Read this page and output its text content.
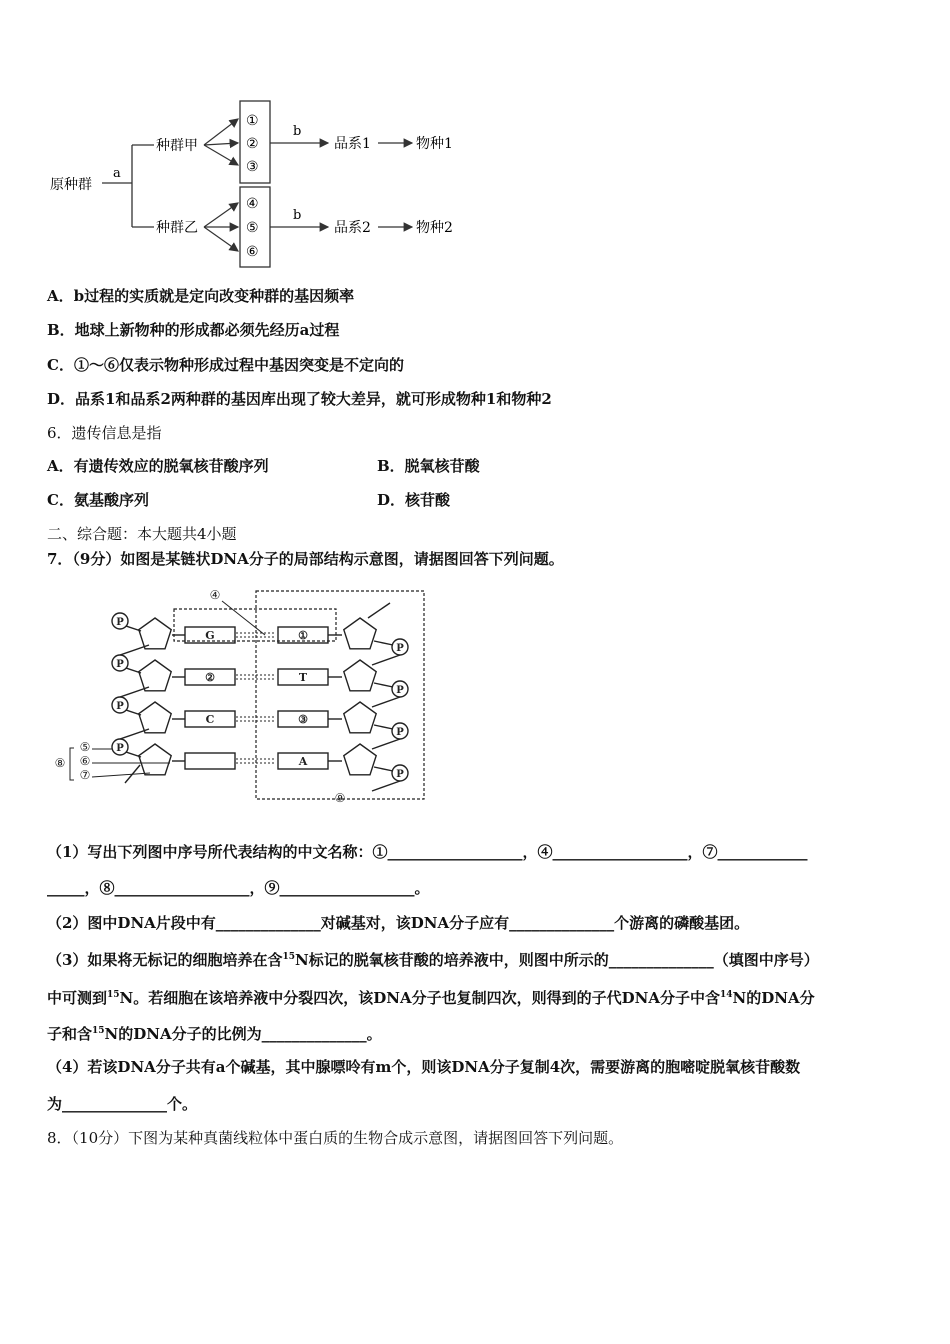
原种群
a
种群甲
种群乙
①
②
③
④
⑤
⑥
b
b
品系1
品系2
物种1
物种2
A．b过程的实质就是定向改变种群的基因频率
B．地球上新物种的形成都必须先经历a过程
C．①～⑥仅表示物种形成过程中基因突变是不定向的
D．品系1和品系2两种群的基因库出现了较大差异，就可形成物种1和物种2
6．遗传信息是指
A．有遗传效应的脱氧核苷酸序列	B．脱氧核苷酸
C．氨基酸序列	D．核苷酸
二、综合题：本大题共4小题
7．（9分）如图是某链状DNA分子的局部结构示意图，请据图回答下列问题。
P
G	①
P
P
②	T
P
P
C	③
P
P
A
P
④
⑤
⑥
⑦
⑧
⑨
（1）写出下列图中序号所代表结构的中文名称：①__________________，④__________________，⑦____________
_____，⑧__________________，⑨__________________。
（2）图中DNA片段中有______________对碱基对，该DNA分子应有______________个游离的磷酸基团。
（3）如果将无标记的细胞培养在含$^{15}$N标记的脱氧核苷酸的培养液中，则图中所示的______________（填图中序号）
中可测到$^{15}$N。若细胞在该培养液中分裂四次，该DNA分子也复制四次，则得到的子代DNA分子中含$^{14}$N的DNA分
子和含$^{15}$N的DNA分子的比例为______________。
（4）若该DNA分子共有a个碱基，其中腺嘌呤有m个，则该DNA分子复制4次，需要游离的胞嘧啶脱氧核苷酸数
为______________个。
8．（10分）下图为某种真菌线粒体中蛋白质的生物合成示意图，请据图回答下列问题。
